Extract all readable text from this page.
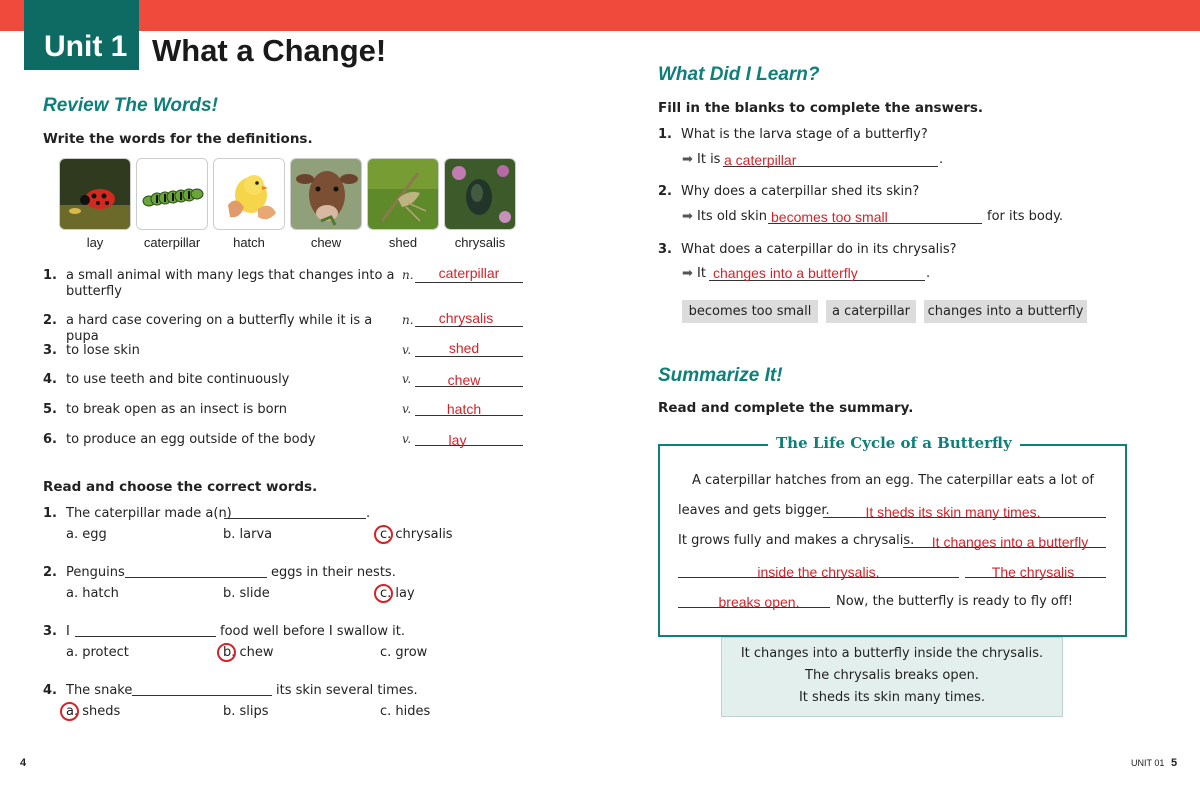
Unit 1 What a Change!
Review The Words!
Write the words for the definitions.
lay	caterpillar	hatch	chew	shed	chrysalis
1. a small animal with many legs that changes into a butterfly
n.	caterpillar
2. a hard case covering on a butterfly while it is a pupa
n.	chrysalis
3. to lose skin	v.	shed
4. to use teeth and bite continuously	v.	chew
5. to break open as an insect is born	v.	hatch
6. to produce an egg outside of the body	v.	lay
Read and choose the correct words.
1. The caterpillar made a(n)	.
a. egg	b. larva	c. chrysalis
2. Penguins	eggs in their nests.
a. hatch	b. slide	c. lay
3. I	food well before I swallow it.
a. protect	b. chew	c. grow
4. The snake	its skin several times.
a. sheds	b. slips	c. hides
4
What Did I Learn?
Fill in the blanks to complete the answers.
1. What is the larva stage of a butterfly?
➡ It is a caterpillar	.
2. Why does a caterpillar shed its skin?
➡ Its old skin becomes too small	for its body.
3. What does a caterpillar do in its chrysalis?
➡ It changes into a butterfly	.
becomes too small	a caterpillar	changes into a butterfly
Summarize It!
Read and complete the summary.
The Life Cycle of a Butterfly
A caterpillar hatches from an egg. The caterpillar eats a lot of
leaves and gets bigger.	It sheds its skin many times.
It grows fully and makes a chrysalis.	It changes into a butterfly
inside the chrysalis.	The chrysalis
breaks open.	Now, the butterfly is ready to fly off!
It changes into a butterfly inside the chrysalis.
The chrysalis breaks open.
It sheds its skin many times.
UNIT 01 5
